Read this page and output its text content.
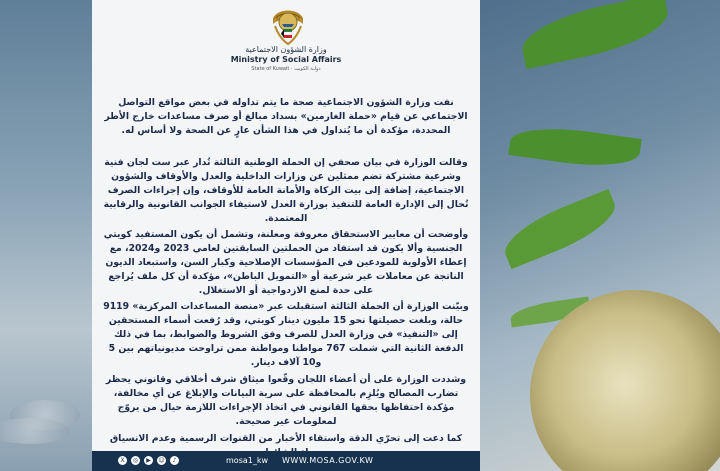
وزارة الشؤون الاجتماعية
Ministry of Social Affairs
State of Kuwait · دولـة الكويت

نفت وزارة الشؤون الاجتماعية صحة ما يتم تداوله في بعض مواقع التواصل الاجتماعي عن قيام «حملة الغارمين» بسداد مبالغ أو صرف مساعدات خارج الأطر المحددة، مؤكدة أن ما يُتداول في هذا الشأن عارٍ عن الصحة ولا أساس له.

وقالت الوزارة في بيان صحفي إن الحملة الوطنية الثالثة تُدار عبر ست لجان فنية وشرعية مشتركة تضم ممثلين عن وزارات الداخلية والعدل والأوقاف والشؤون الاجتماعية، إضافة إلى بيت الزكاة والأمانة العامة للأوقاف، وإن إجراءات الصرف تُحال إلى الإدارة العامة للتنفيذ بوزارة العدل لاستيفاء الجوانب القانونية والرقابية المعتمدة.

وأوضحت أن معايير الاستحقاق معروفة ومعلنة، وتشمل أن يكون المستفيد كويتي الجنسية وألا يكون قد استفاد من الحملتين السابقتين لعامي 2023 و2024، مع إعطاء الأولوية للمودعين في المؤسسات الإصلاحية وكبار السن، واستبعاد الديون الناتجة عن معاملات غير شرعية أو «التمويل الباطن»، مؤكدة أن كل ملف يُراجع على حدة لمنع الازدواجية أو الاستغلال.

وبيّنت الوزارة أن الحملة الثالثة استقبلت عبر «منصة المساعدات المركزية» 9119 حالة، وبلغت حصيلتها نحو 15 مليون دينار كويتي، وقد رُفعت أسماء المستحقين إلى «التنفيذ» في وزارة العدل للصرف وفق الشروط والضوابط، بما في ذلك الدفعة الثانية التي شملت 767 مواطنا ومواطنة ممن تراوحت مديونياتهم بين 5 و10 آلاف دينار.

وشددت الوزارة على أن أعضاء اللجان وقّعوا ميثاق شرف أخلاقي وقانوني يحظر تضارب المصالح ويُلزِم بالمحافظة على سرية البيانات والإبلاغ عن أي مخالفة، مؤكدة احتفاظها بحقها القانوني في اتخاذ الإجراءات اللازمة حيال من يروّج لمعلومات غير صحيحة.

كما دعت إلى تحرّي الدقة واستقاء الأخبار من القنوات الرسمية وعدم الانسياق

X	◎	▶	☺	♪	mosa1_kw WWW.MOSA.GOV.KW
